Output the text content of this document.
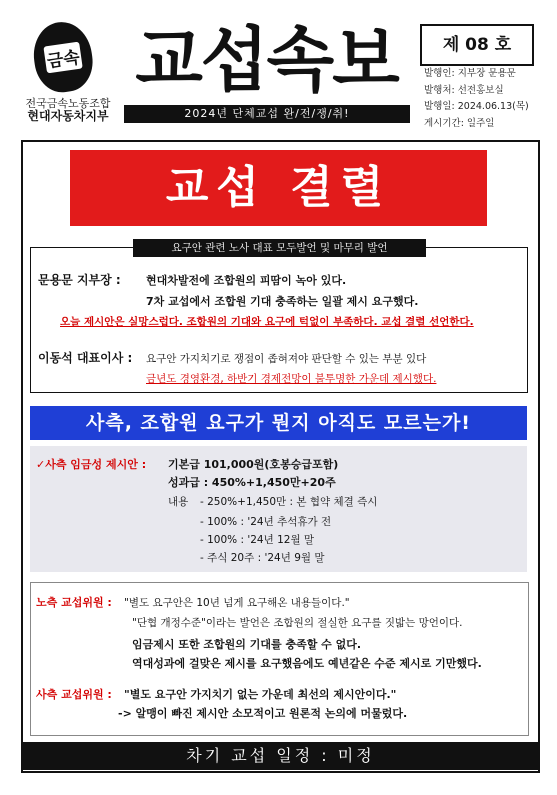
금속
전국금속노동조합
현대자동차지부
교섭속보
2024년 단체교섭 완/전/쟁/취!
제 08 호
발행인: 지부장 문용문
발행처: 선전홍보실
발행일: 2024.06.13(목)
게시기간: 일주일
교섭 결렬
요구안 관련 노사 대표 모두발언 및 마무리 발언
문용문 지부장 : 현대차발전에 조합원의 피땀이 녹아 있다.
7차 교섭에서 조합원 기대 충족하는 일괄 제시 요구했다.
오늘 제시안은 실망스럽다. 조합원의 기대와 요구에 턱없이 부족하다. 교섭 결렬 선언한다.
이동석 대표이사 : 요구안 가지치기로 쟁점이 좁혀져야 판단할 수 있는 부분 있다
금년도 경영환경, 하반기 경제전망이 불투명한 가운데 제시했다.
사측, 조합원 요구가 뭔지 아직도 모르는가!
✓사측 임금성 제시안 : 기본급 101,000원(호봉승급포함)
성과급 : 450%+1,450만+20주
내용 - 250%+1,450만 : 본 협약 체결 즉시
- 100% : '24년 추석휴가 전
- 100% : '24년 12월 말
- 주식 20주 : '24년 9월 말
노측 교섭위원 : "별도 요구안은 10년 넘게 요구해온 내용들이다."
"단협 개정수준"이라는 발언은 조합원의 절실한 요구를 짓밟는 망언이다.
임금제시 또한 조합원의 기대를 충족할 수 없다.
역대성과에 걸맞은 제시를 요구했음에도 예년같은 수준 제시로 기만했다.
사측 교섭위원 : "별도 요구안 가지치기 없는 가운데 최선의 제시안이다."
-> 알맹이 빠진 제시안 소모적이고 원론적 논의에 머물렀다.
차기 교섭 일정 : 미정
